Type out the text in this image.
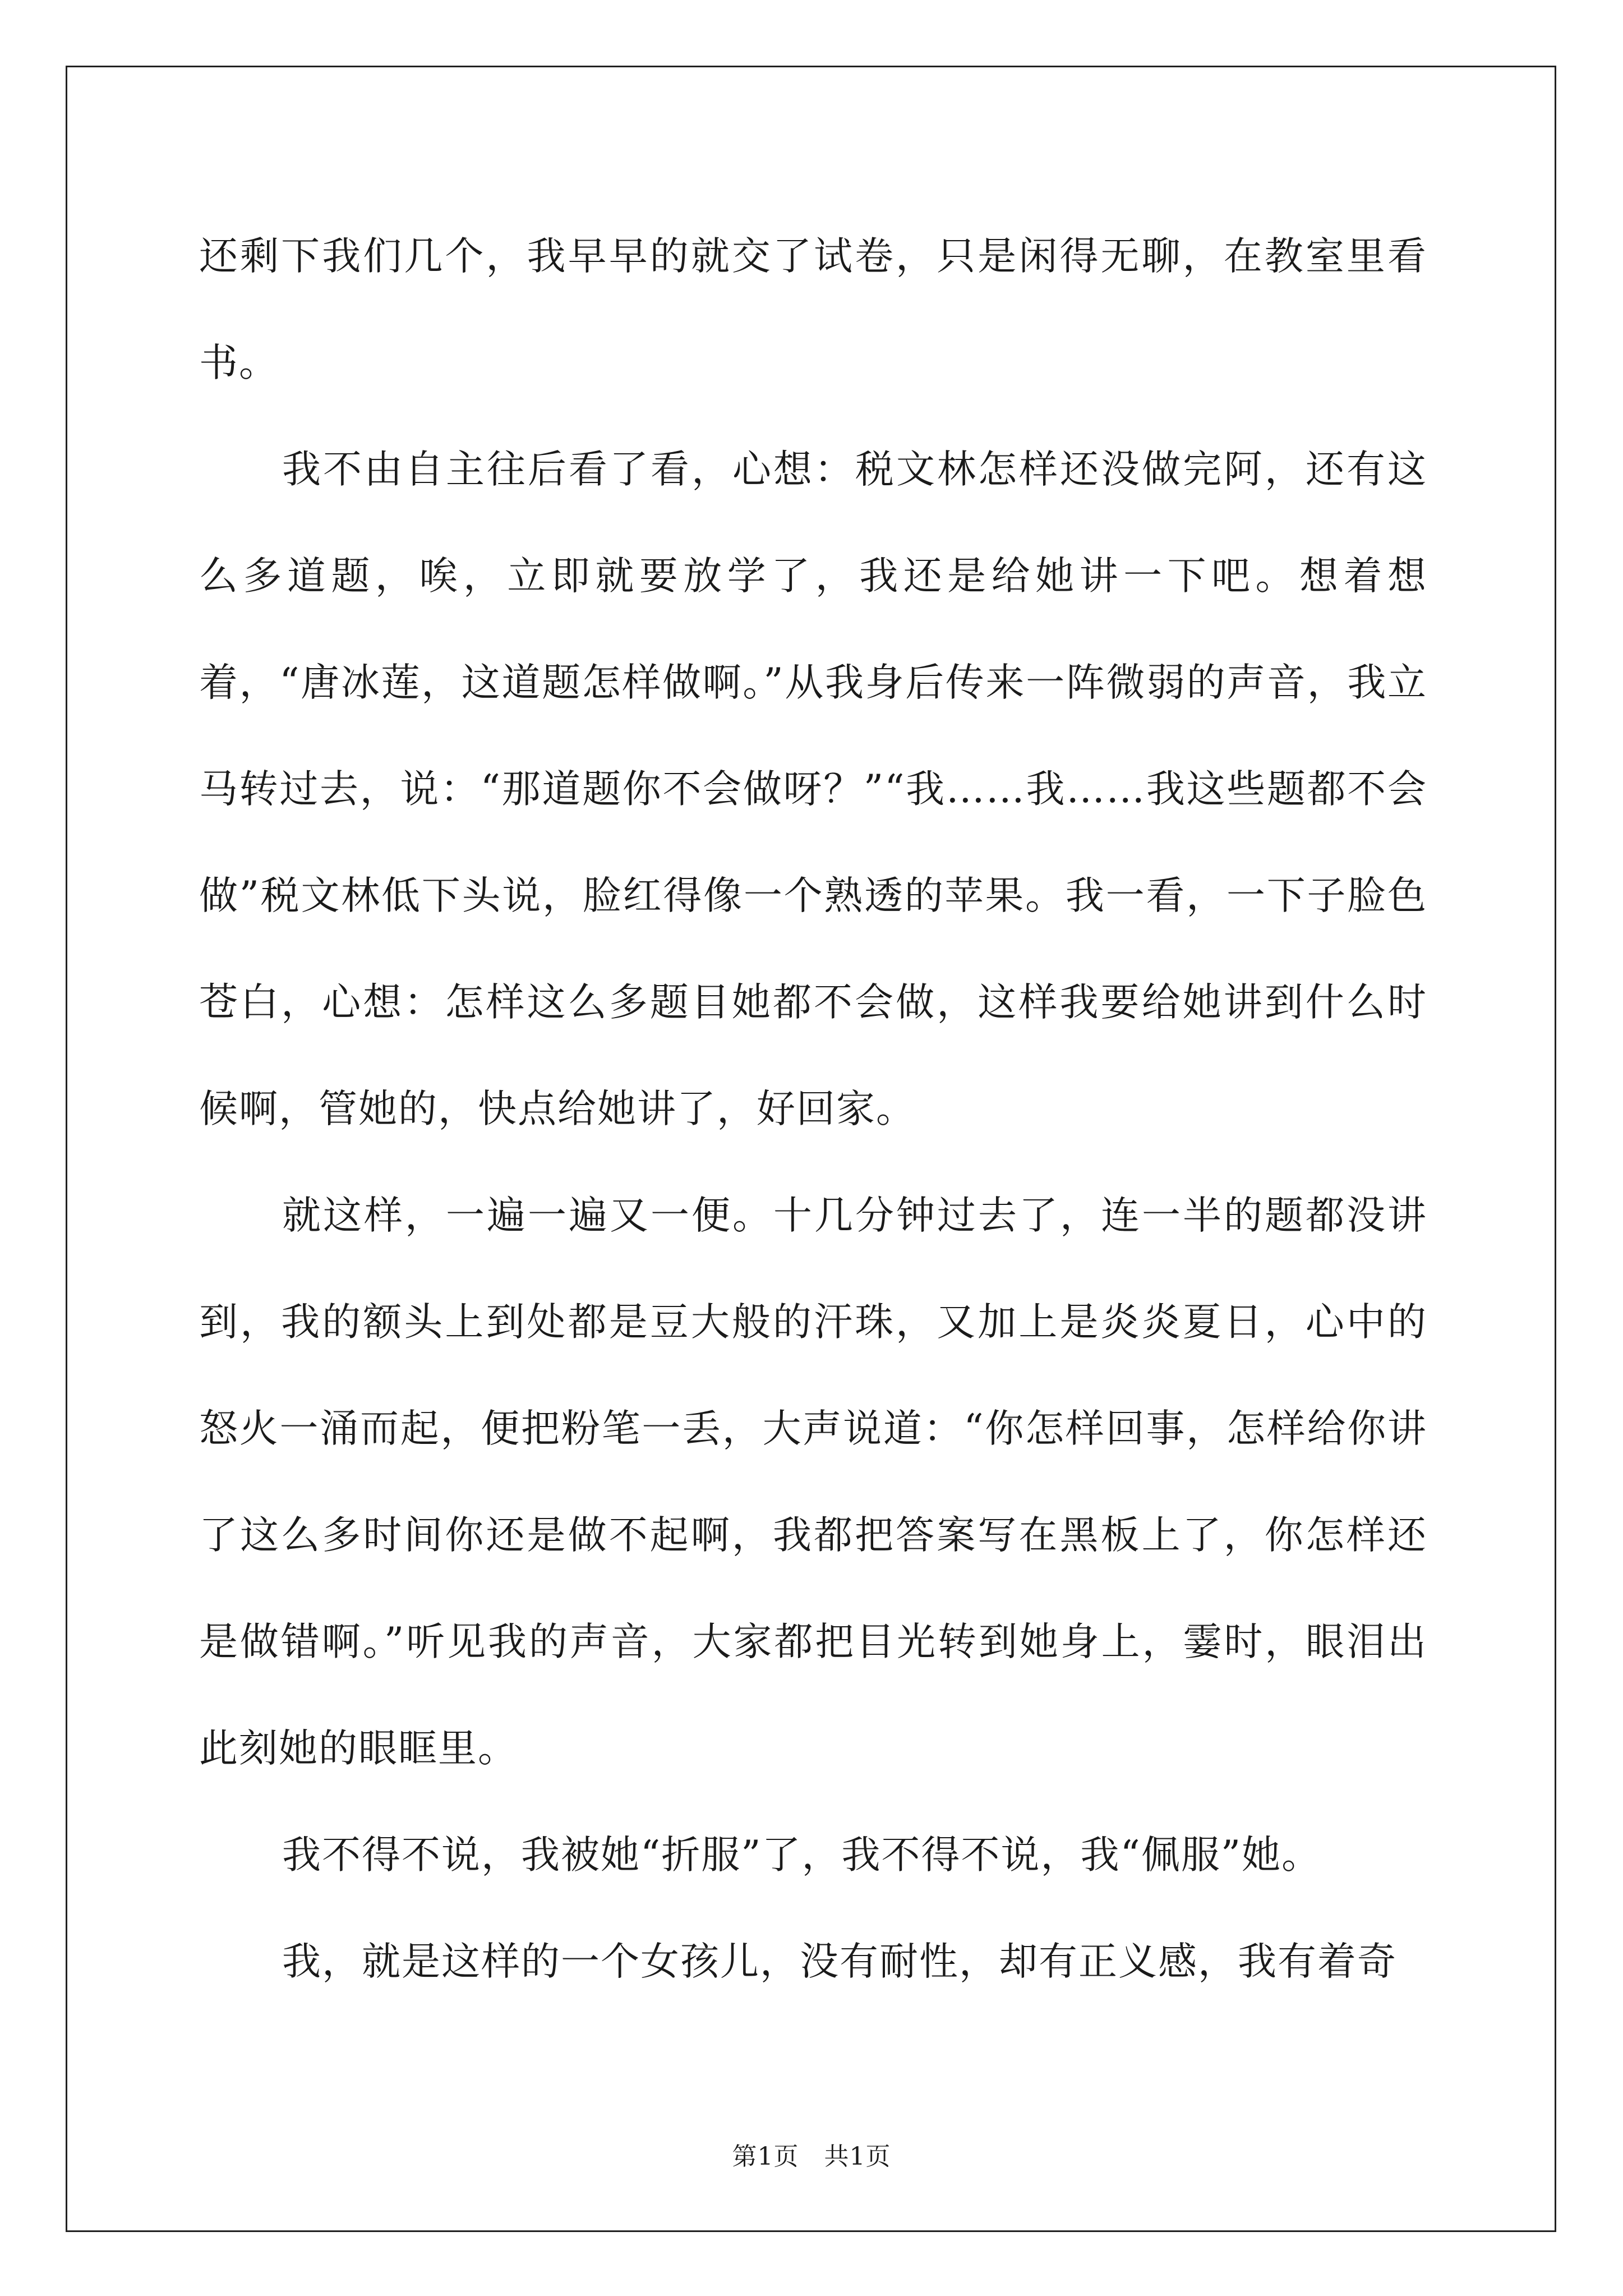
还剩下我们几个，我早早的就交了试卷，只是闲得无聊，在教室里看书。

我不由自主往后看了看，心想：税文林怎样还没做完阿，还有这么多道题，唉，立即就要放学了，我还是给她讲一下吧。想着想着，“唐冰莲，这道题怎样做啊。”从我身后传来一阵微弱的声音，我立马转过去，说：“那道题你不会做呀？”“我……我……我这些题都不会做”税文林低下头说，脸红得像一个熟透的苹果。我一看，一下子脸色苍白，心想：怎样这么多题目她都不会做，这样我要给她讲到什么时候啊，管她的，快点给她讲了，好回家。

就这样，一遍一遍又一便。十几分钟过去了，连一半的题都没讲到，我的额头上到处都是豆大般的汗珠，又加上是炎炎夏日，心中的怒火一涌而起，便把粉笔一丢，大声说道：“你怎样回事，怎样给你讲了这么多时间你还是做不起啊，我都把答案写在黑板上了，你怎样还是做错啊。”听见我的声音，大家都把目光转到她身上，霎时，眼泪出此刻她的眼眶里。

我不得不说，我被她“折服”了，我不得不说，我“佩服”她。

我，就是这样的一个女孩儿，没有耐性，却有正义感，我有着奇

第1页 共1页
